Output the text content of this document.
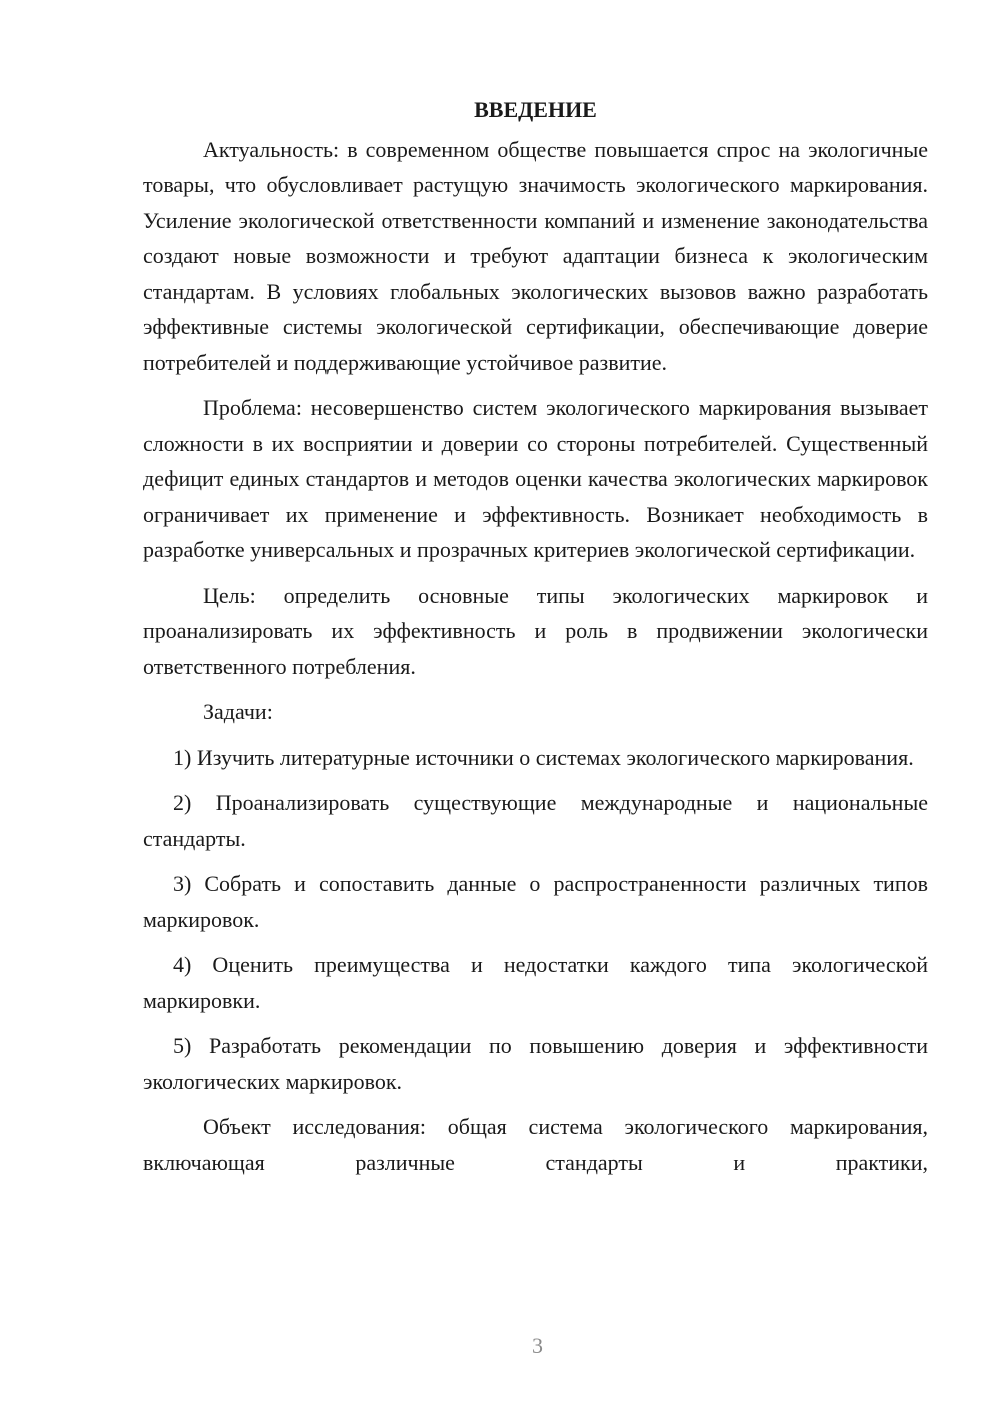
ВВЕДЕНИЕ

Актуальность: в современном обществе повышается спрос на экологичные товары, что обусловливает растущую значимость экологического маркирования. Усиление экологической ответственности компаний и изменение законодательства создают новые возможности и требуют адаптации бизнеса к экологическим стандартам. В условиях глобальных экологических вызовов важно разработать эффективные системы экологической сертификации, обеспечивающие доверие потребителей и поддерживающие устойчивое развитие.

Проблема: несовершенство систем экологического маркирования вызывает сложности в их восприятии и доверии со стороны потребителей. Существенный дефицит единых стандартов и методов оценки качества экологических маркировок ограничивает их применение и эффективность. Возникает необходимость в разработке универсальных и прозрачных критериев экологической сертификации.

Цель: определить основные типы экологических маркировок и проанализировать их эффективность и роль в продвижении экологически ответственного потребления.

Задачи:

1) Изучить литературные источники о системах экологического маркирования.

2) Проанализировать существующие международные и национальные стандарты.

3) Собрать и сопоставить данные о распространенности различных типов маркировок.

4) Оценить преимущества и недостатки каждого типа экологической маркировки.

5) Разработать рекомендации по повышению доверия и эффективности экологических маркировок.

Объект исследования: общая система экологического маркирования, включающая различные стандарты и практики,

3
